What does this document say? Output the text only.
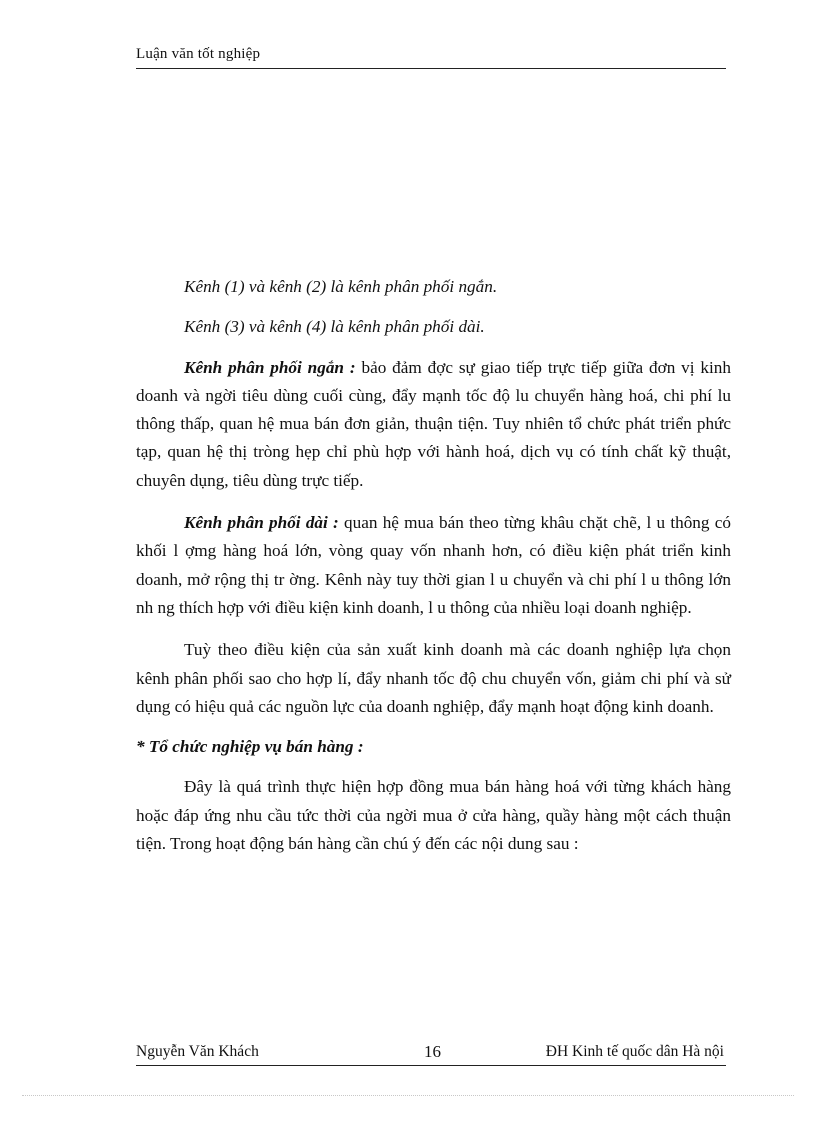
Luận văn tốt nghiệp

Kênh (1) và kênh (2) là kênh phân phối ngắn.

Kênh (3) và kênh (4) là kênh phân phối dài.

Kênh phân phối ngắn : bảo đảm đợc sự giao tiếp trực tiếp giữa đơn vị kinh doanh và ngời tiêu dùng cuối cùng, đẩy mạnh tốc độ lu chuyển hàng hoá, chi phí lu thông thấp, quan hệ mua bán đơn giản, thuận tiện. Tuy nhiên tổ chức phát triển phức tạp, quan hệ thị tròng hẹp chỉ phù hợp với hành hoá, dịch vụ có tính chất kỹ thuật, chuyên dụng, tiêu dùng trực tiếp.

Kênh phân phối dài : quan hệ mua bán theo từng khâu chặt chẽ, l u thông có khối l ợmg hàng hoá lớn, vòng quay vốn nhanh hơn, có điều kiện phát triển kinh doanh, mở rộng thị tr ờng. Kênh này tuy thời gian l u chuyển và chi phí l u thông lớn nh ng thích hợp với điều kiện kinh doanh, l u thông của nhiều loại doanh nghiệp.

Tuỳ theo điều kiện của sản xuất kinh doanh mà các doanh nghiệp lựa chọn kênh phân phối sao cho hợp lí, đẩy nhanh tốc độ chu chuyển vốn, giảm chi phí và sử dụng có hiệu quả các nguồn lực của doanh nghiệp, đẩy mạnh hoạt động kinh doanh.

* Tổ chức nghiệp vụ bán hàng :

Đây là quá trình thực hiện hợp đồng mua bán hàng hoá với từng khách hàng hoặc đáp ứng nhu cầu tức thời của ngời mua ở cửa hàng, quầy hàng một cách thuận tiện. Trong hoạt động bán hàng cần chú ý đến các nội dung sau :

Nguyễn Văn Khách	16	ĐH Kinh tế quốc dân Hà nội
